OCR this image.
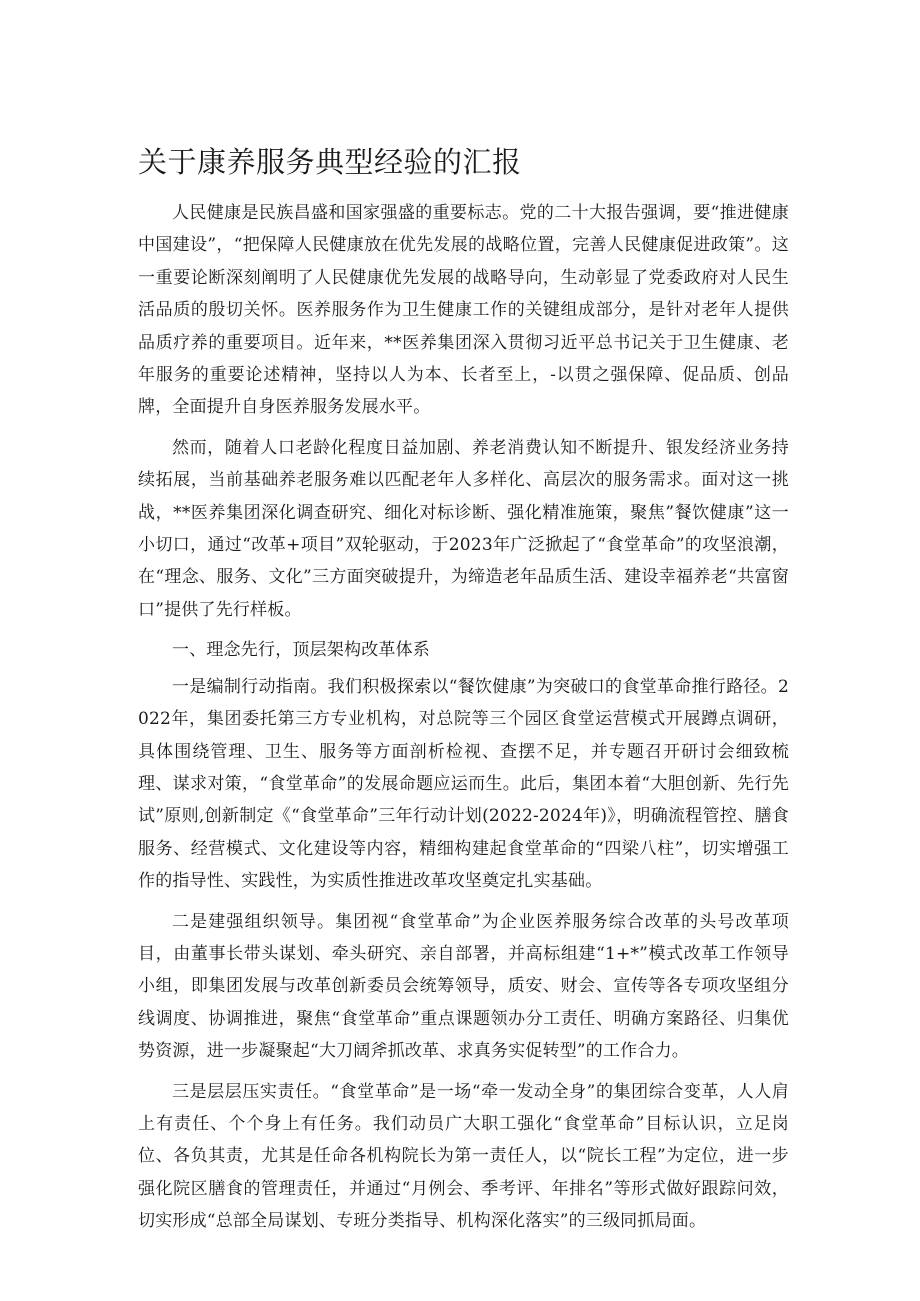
关于康养服务典型经验的汇报

人民健康是民族昌盛和国家强盛的重要标志。党的二十大报告强调，要“推进健康中国建设”，“把保障人民健康放在优先发展的战略位置，完善人民健康促进政策”。这一重要论断深刻阐明了人民健康优先发展的战略导向，生动彰显了党委政府对人民生活品质的殷切关怀。医养服务作为卫生健康工作的关键组成部分，是针对老年人提供品质疗养的重要项目。近年来，**医养集团深入贯彻习近平总书记关于卫生健康、老年服务的重要论述精神，坚持以人为本、长者至上，-以贯之强保障、促品质、创品牌，全面提升自身医养服务发展水平。

然而，随着人口老龄化程度日益加剧、养老消费认知不断提升、银发经济业务持续拓展，当前基础养老服务难以匹配老年人多样化、高层次的服务需求。面对这一挑战，**医养集团深化调查研究、细化对标诊断、强化精准施策，聚焦”餐饮健康”这一小切口，通过“改革+项目”双轮驱动，于2023年广泛掀起了“食堂革命”的攻坚浪潮，在“理念、服务、文化”三方面突破提升，为缔造老年品质生活、建设幸福养老“共富窗口”提供了先行样板。

一、理念先行，顶层架构改革体系

一是编制行动指南。我们积极探索以“餐饮健康”为突破口的食堂革命推行路径。2022年，集团委托第三方专业机构，对总院等三个园区食堂运营模式开展蹲点调研，具体围绕管理、卫生、服务等方面剖析检视、查摆不足，并专题召开研讨会细致梳理、谋求对策，“食堂革命”的发展命题应运而生。此后，集团本着“大胆创新、先行先试”原则,创新制定《“食堂革命”三年行动计划(2022-2024年)》，明确流程管控、膳食服务、经营模式、文化建设等内容，精细构建起食堂革命的“四梁八柱”，切实增强工作的指导性、实践性，为实质性推进改革攻坚奠定扎实基础。

二是建强组织领导。集团视“食堂革命”为企业医养服务综合改革的头号改革项目，由董事长带头谋划、牵头研究、亲自部署，并高标组建“1+*”模式改革工作领导小组，即集团发展与改革创新委员会统筹领导，质安、财会、宣传等各专项攻坚组分线调度、协调推进，聚焦“食堂革命”重点课题领办分工责任、明确方案路径、归集优势资源，进一步凝聚起“大刀阔斧抓改革、求真务实促转型”的工作合力。

三是层层压实责任。“食堂革命”是一场“牵一发动全身”的集团综合变革，人人肩上有责任、个个身上有任务。我们动员广大职工强化“食堂革命”目标认识，立足岗位、各负其责，尤其是任命各机构院长为第一责任人，以“院长工程”为定位，进一步强化院区膳食的管理责任，并通过“月例会、季考评、年排名”等形式做好跟踪问效，切实形成“总部全局谋划、专班分类指导、机构深化落实”的三级同抓局面。
